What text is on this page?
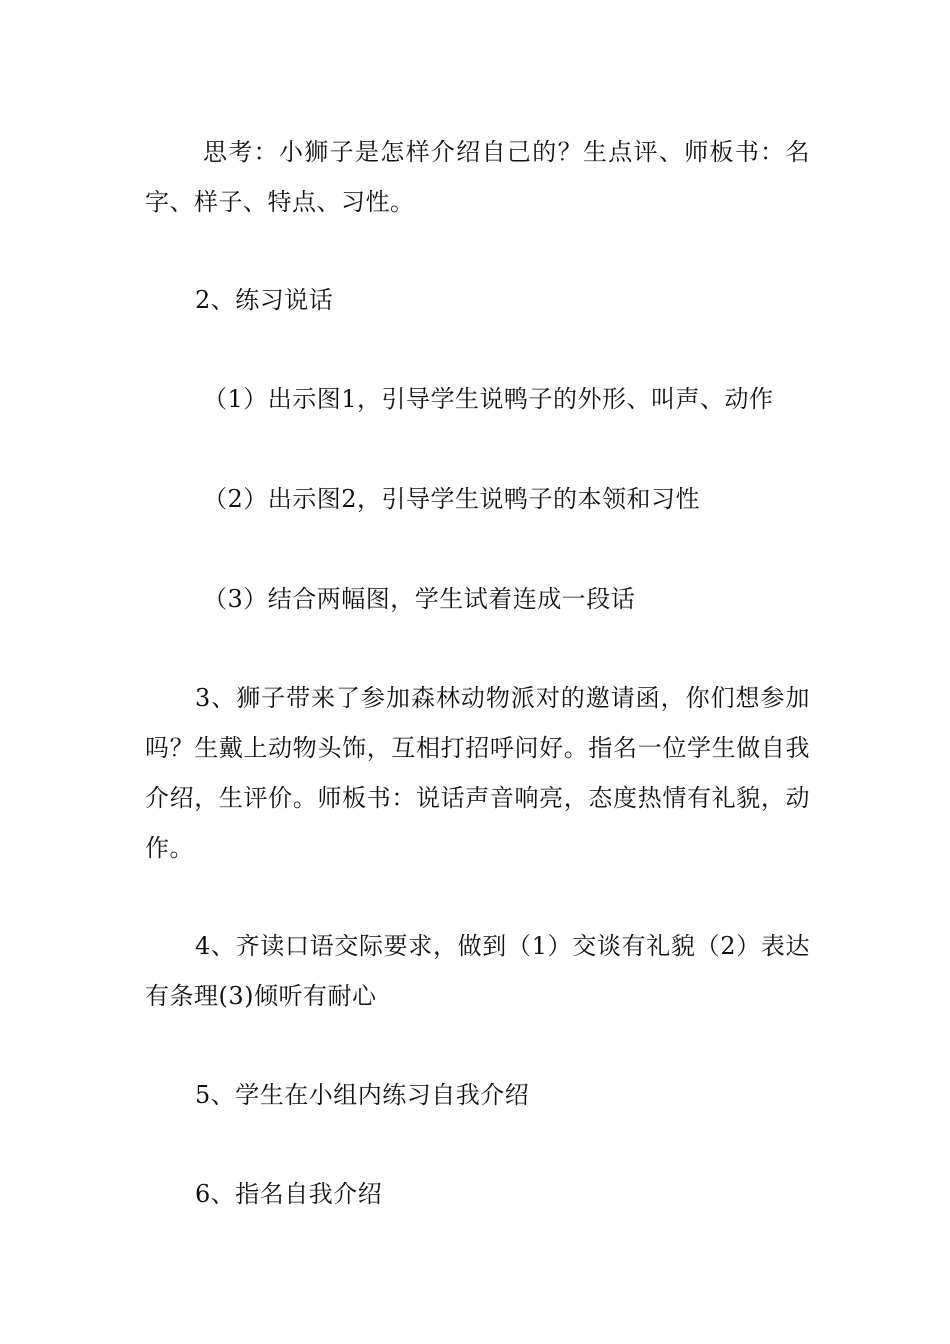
思考：小狮子是怎样介绍自己的？生点评、师板书：名字、样子、特点、习性。

2、练习说话

（1）出示图1，引导学生说鸭子的外形、叫声、动作

（2）出示图2，引导学生说鸭子的本领和习性

（3）结合两幅图，学生试着连成一段话

3、狮子带来了参加森林动物派对的邀请函，你们想参加吗？生戴上动物头饰，互相打招呼问好。指名一位学生做自我介绍，生评价。师板书：说话声音响亮，态度热情有礼貌，动作。

4、齐读口语交际要求，做到（1）交谈有礼貌（2）表达有条理(3)倾听有耐心

5、学生在小组内练习自我介绍

6、指名自我介绍
